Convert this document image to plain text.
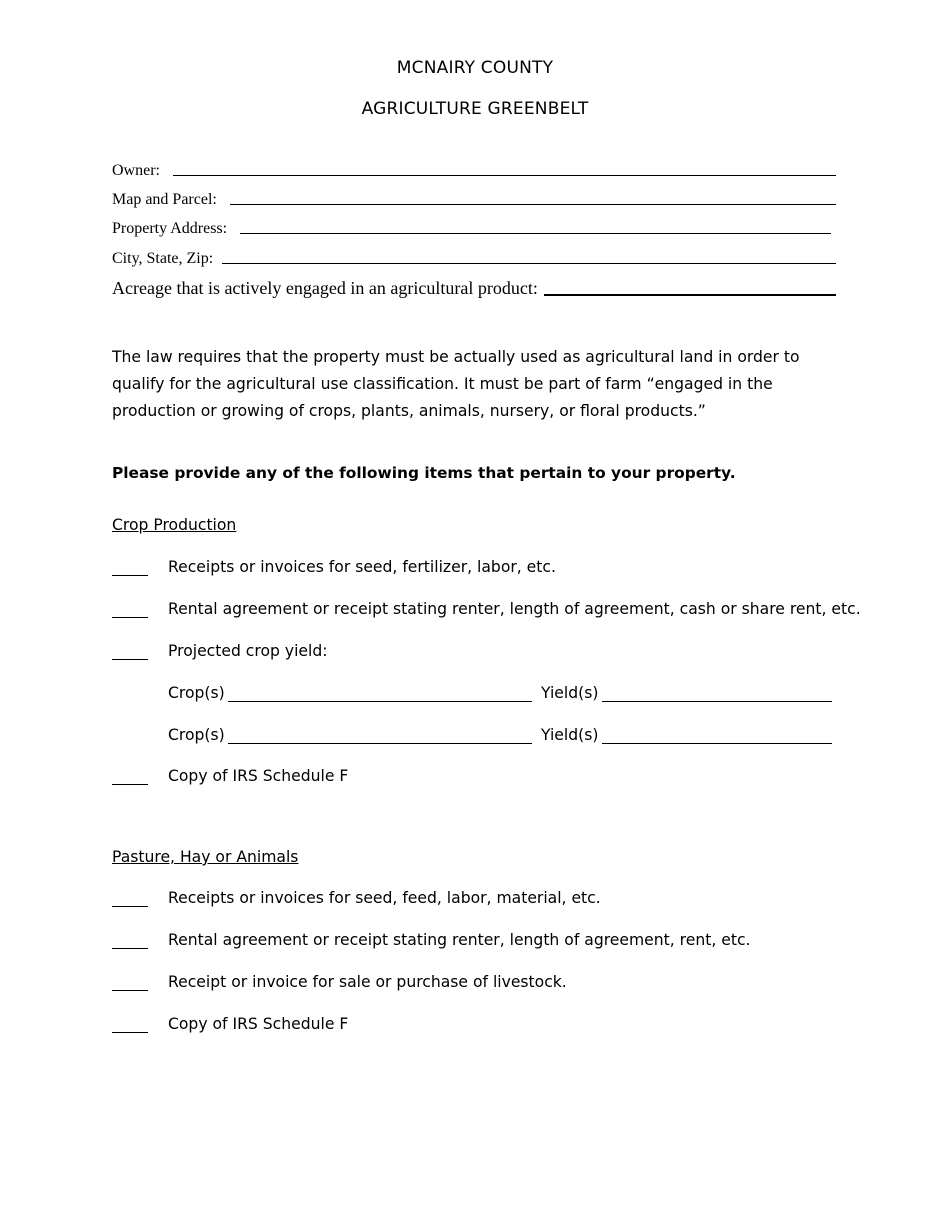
MCNAIRY COUNTY
AGRICULTURE GREENBELT
Owner:
Map and Parcel:
Property Address:
City, State, Zip:
Acreage that is actively engaged in an agricultural product:
The law requires that the property must be actually used as agricultural land in order to qualify for the agricultural use classification. It must be part of farm “engaged in the production or growing of crops, plants, animals, nursery, or floral products.”
Please provide any of the following items that pertain to your property.
Crop Production
Receipts or invoices for seed, fertilizer, labor, etc.
Rental agreement or receipt stating renter, length of agreement, cash or share rent, etc.
Projected crop yield:
Crop(s)	Yield(s)
Crop(s)	Yield(s)
Copy of IRS Schedule F
Pasture, Hay or Animals
Receipts or invoices for seed, feed, labor, material, etc.
Rental agreement or receipt stating renter, length of agreement, rent, etc.
Receipt or invoice for sale or purchase of livestock.
Copy of IRS Schedule F
